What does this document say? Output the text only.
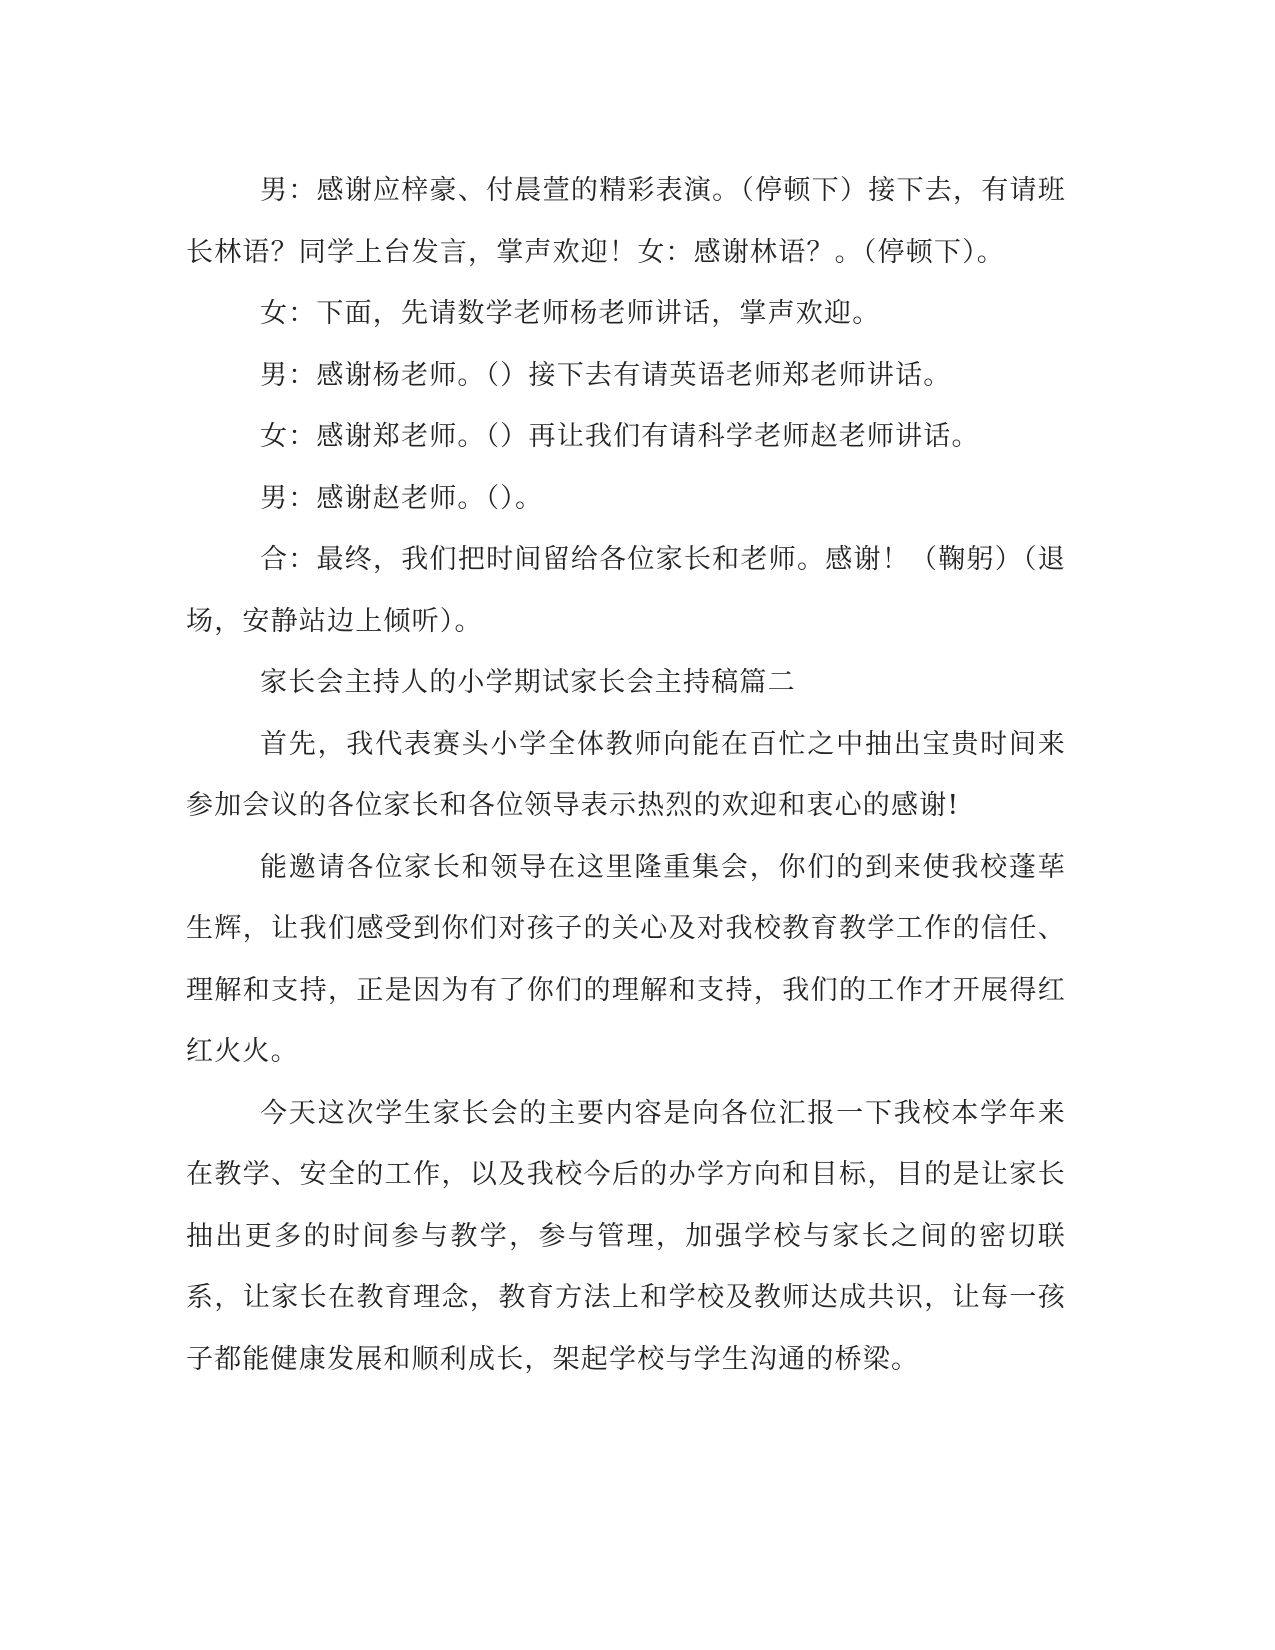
男：感谢应梓豪、付晨萱的精彩表演。（停顿下）接下去，有请班长林语？同学上台发言，掌声欢迎！女：感谢林语？。（停顿下）。

女：下面，先请数学老师杨老师讲话，掌声欢迎。

男：感谢杨老师。（）接下去有请英语老师郑老师讲话。

女：感谢郑老师。（）再让我们有请科学老师赵老师讲话。

男：感谢赵老师。（）。

合：最终，我们把时间留给各位家长和老师。感谢！（鞠躬）（退场，安静站边上倾听）。

家长会主持人的小学期试家长会主持稿篇二

首先，我代表赛头小学全体教师向能在百忙之中抽出宝贵时间来参加会议的各位家长和各位领导表示热烈的欢迎和衷心的感谢!

能邀请各位家长和领导在这里隆重集会，你们的到来使我校蓬荜生辉，让我们感受到你们对孩子的关心及对我校教育教学工作的信任、理解和支持，正是因为有了你们的理解和支持，我们的工作才开展得红红火火。

今天这次学生家长会的主要内容是向各位汇报一下我校本学年来在教学、安全的工作，以及我校今后的办学方向和目标，目的是让家长抽出更多的时间参与教学，参与管理，加强学校与家长之间的密切联系，让家长在教育理念，教育方法上和学校及教师达成共识，让每一孩子都能健康发展和顺利成长，架起学校与学生沟通的桥梁。
